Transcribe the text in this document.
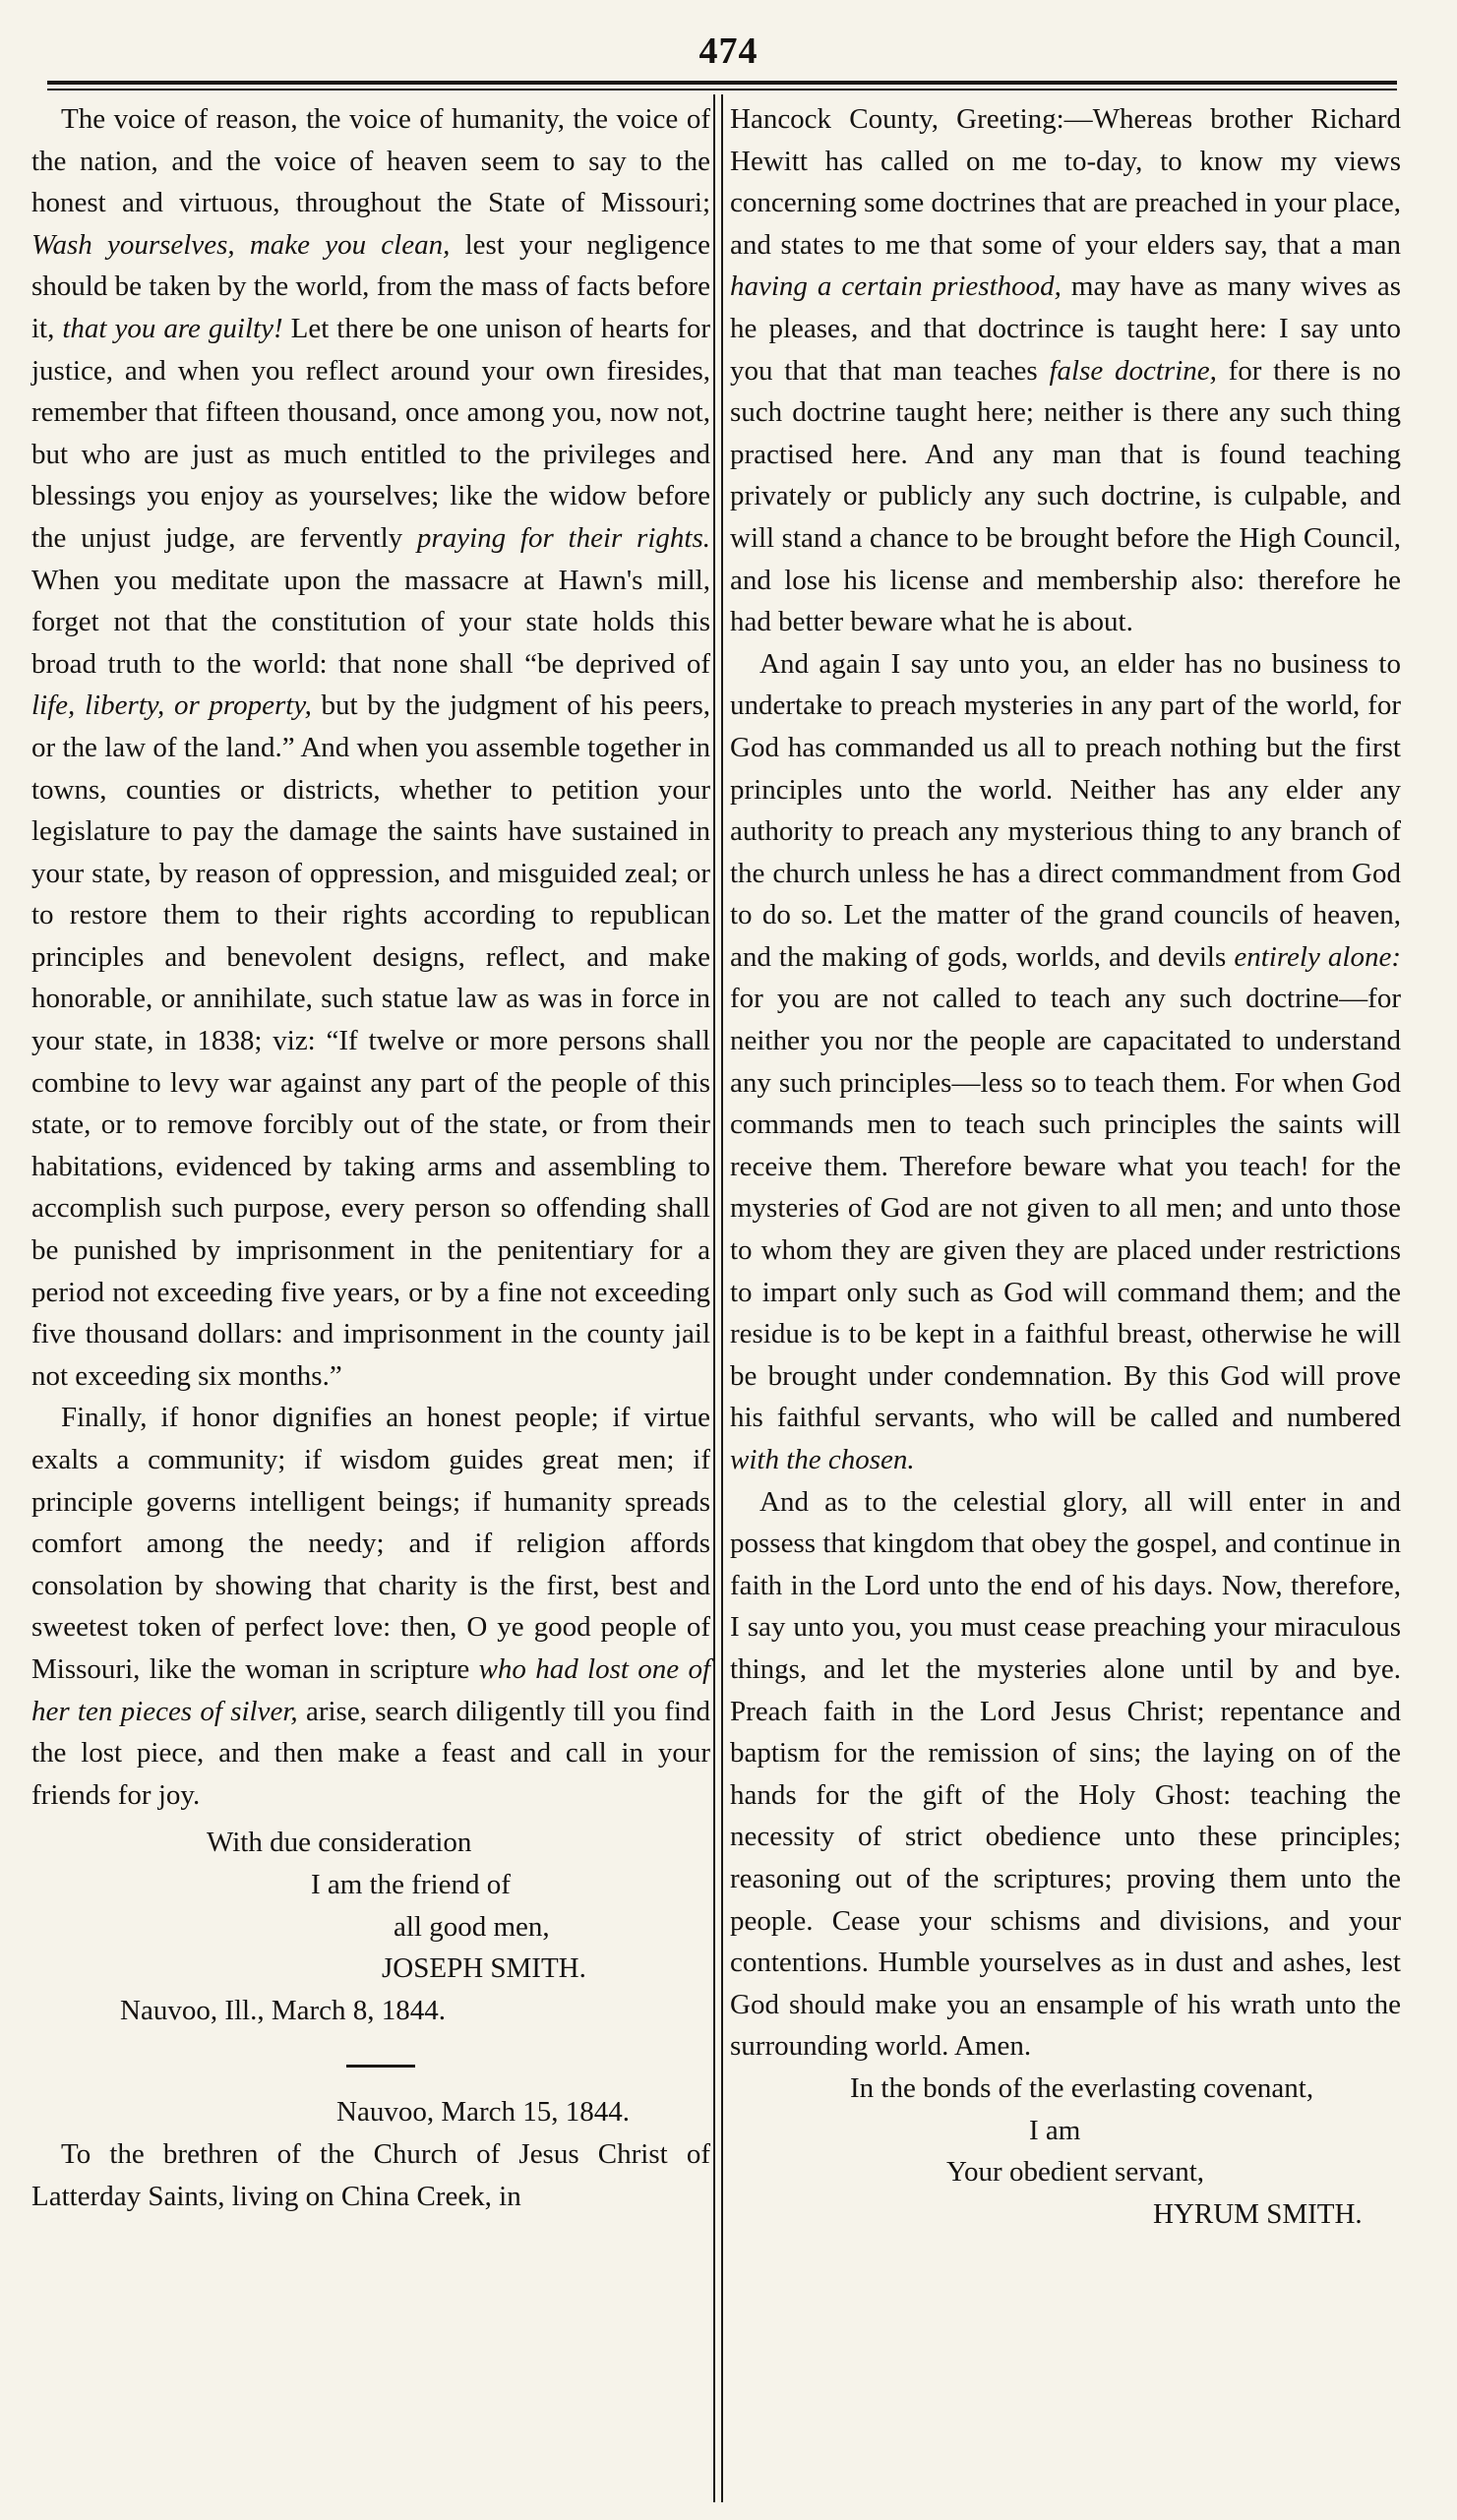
474

The voice of reason, the voice of humanity, the voice of the nation, and the voice of heaven seem to say to the honest and virtuous, throughout the State of Missouri; Wash yourselves, make you clean, lest your negligence should be taken by the world, from the mass of facts before it, that you are guilty! Let there be one unison of hearts for justice, and when you reflect around your own firesides, remember that fifteen thousand, once among you, now not, but who are just as much entitled to the privileges and blessings you enjoy as yourselves; like the widow before the unjust judge, are fervently praying for their rights. When you meditate upon the massacre at Hawn's mill, forget not that the constitution of your state holds this broad truth to the world: that none shall “be deprived of life, liberty, or property, but by the judgment of his peers, or the law of the land.” And when you assemble together in towns, counties or districts, whether to petition your legislature to pay the damage the saints have sustained in your state, by reason of oppression, and misguided zeal; or to restore them to their rights according to republican principles and benevolent designs, reflect, and make honorable, or annihilate, such statue law as was in force in your state, in 1838; viz: “If twelve or more persons shall combine to levy war against any part of the people of this state, or to remove forcibly out of the state, or from their habitations, evidenced by taking arms and assembling to accomplish such purpose, every person so offending shall be punished by imprisonment in the penitentiary for a period not exceeding five years, or by a fine not exceeding five thousand dollars: and imprisonment in the county jail not exceeding six months.”

Finally, if honor dignifies an honest people; if virtue exalts a community; if wisdom guides great men; if principle governs intelligent beings; if humanity spreads comfort among the needy; and if religion affords consolation by showing that charity is the first, best and sweetest token of perfect love: then, O ye good people of Missouri, like the woman in scripture who had lost one of her ten pieces of silver, arise, search diligently till you find the lost piece, and then make a feast and call in your friends for joy.

With due consideration

I am the friend of

all good men,

JOSEPH SMITH.

Nauvoo, Ill., March 8, 1844.

Nauvoo, March 15, 1844.

To the brethren of the Church of Jesus Christ of Latterday Saints, living on China Creek, in

Hancock County, Greeting:—Whereas brother Richard Hewitt has called on me to-day, to know my views concerning some doctrines that are preached in your place, and states to me that some of your elders say, that a man having a certain priesthood, may have as many wives as he pleases, and that doctrince is taught here: I say unto you that that man teaches false doctrine, for there is no such doctrine taught here; neither is there any such thing practised here. And any man that is found teaching privately or publicly any such doctrine, is culpable, and will stand a chance to be brought before the High Council, and lose his license and membership also: therefore he had better beware what he is about.

And again I say unto you, an elder has no business to undertake to preach mysteries in any part of the world, for God has commanded us all to preach nothing but the first principles unto the world. Neither has any elder any authority to preach any mysterious thing to any branch of the church unless he has a direct commandment from God to do so. Let the matter of the grand councils of heaven, and the making of gods, worlds, and devils entirely alone: for you are not called to teach any such doctrine—for neither you nor the people are capacitated to understand any such principles—less so to teach them. For when God commands men to teach such principles the saints will receive them. Therefore beware what you teach! for the mysteries of God are not given to all men; and unto those to whom they are given they are placed under restrictions to impart only such as God will command them; and the residue is to be kept in a faithful breast, otherwise he will be brought under condemnation. By this God will prove his faithful servants, who will be called and numbered with the chosen.

And as to the celestial glory, all will enter in and possess that kingdom that obey the gospel, and continue in faith in the Lord unto the end of his days. Now, therefore, I say unto you, you must cease preaching your miraculous things, and let the mysteries alone until by and bye. Preach faith in the Lord Jesus Christ; repentance and baptism for the remission of sins; the laying on of the hands for the gift of the Holy Ghost: teaching the necessity of strict obedience unto these principles; reasoning out of the scriptures; proving them unto the people. Cease your schisms and divisions, and your contentions. Humble yourselves as in dust and ashes, lest God should make you an ensample of his wrath unto the surrounding world. Amen.

In the bonds of the everlasting covenant,

I am

Your obedient servant,

HYRUM SMITH.
